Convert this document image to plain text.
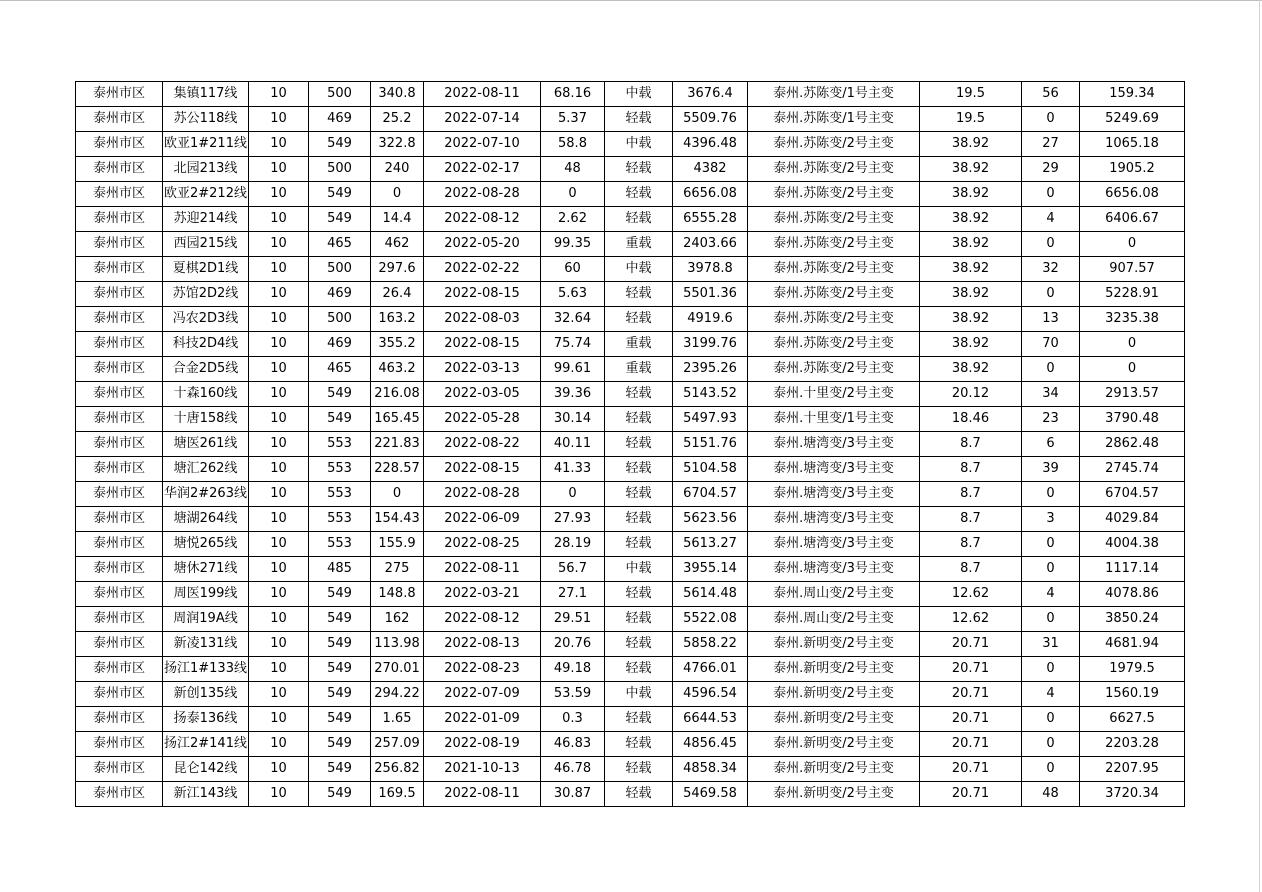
泰州市区	集镇117线	10	500	340.8	2022-08-11	68.16	中载	3676.4	泰州.苏陈变/1号主变	19.5	56	159.34
泰州市区	苏公118线	10	469	25.2	2022-07-14	5.37	轻载	5509.76	泰州.苏陈变/1号主变	19.5	0	5249.69
泰州市区	欧亚1#211线	10	549	322.8	2022-07-10	58.8	中载	4396.48	泰州.苏陈变/2号主变	38.92	27	1065.18
泰州市区	北园213线	10	500	240	2022-02-17	48	轻载	4382	泰州.苏陈变/2号主变	38.92	29	1905.2
泰州市区	欧亚2#212线	10	549	0	2022-08-28	0	轻载	6656.08	泰州.苏陈变/2号主变	38.92	0	6656.08
泰州市区	苏迎214线	10	549	14.4	2022-08-12	2.62	轻载	6555.28	泰州.苏陈变/2号主变	38.92	4	6406.67
泰州市区	西园215线	10	465	462	2022-05-20	99.35	重载	2403.66	泰州.苏陈变/2号主变	38.92	0	0
泰州市区	夏棋2D1线	10	500	297.6	2022-02-22	60	中载	3978.8	泰州.苏陈变/2号主变	38.92	32	907.57
泰州市区	苏馆2D2线	10	469	26.4	2022-08-15	5.63	轻载	5501.36	泰州.苏陈变/2号主变	38.92	0	5228.91
泰州市区	冯农2D3线	10	500	163.2	2022-08-03	32.64	轻载	4919.6	泰州.苏陈变/2号主变	38.92	13	3235.38
泰州市区	科技2D4线	10	469	355.2	2022-08-15	75.74	重载	3199.76	泰州.苏陈变/2号主变	38.92	70	0
泰州市区	合金2D5线	10	465	463.2	2022-03-13	99.61	重载	2395.26	泰州.苏陈变/2号主变	38.92	0	0
泰州市区	十森160线	10	549	216.08	2022-03-05	39.36	轻载	5143.52	泰州.十里变/2号主变	20.12	34	2913.57
泰州市区	十唐158线	10	549	165.45	2022-05-28	30.14	轻载	5497.93	泰州.十里变/1号主变	18.46	23	3790.48
泰州市区	塘医261线	10	553	221.83	2022-08-22	40.11	轻载	5151.76	泰州.塘湾变/3号主变	8.7	6	2862.48
泰州市区	塘汇262线	10	553	228.57	2022-08-15	41.33	轻载	5104.58	泰州.塘湾变/3号主变	8.7	39	2745.74
泰州市区	华润2#263线	10	553	0	2022-08-28	0	轻载	6704.57	泰州.塘湾变/3号主变	8.7	0	6704.57
泰州市区	塘湖264线	10	553	154.43	2022-06-09	27.93	轻载	5623.56	泰州.塘湾变/3号主变	8.7	3	4029.84
泰州市区	塘悦265线	10	553	155.9	2022-08-25	28.19	轻载	5613.27	泰州.塘湾变/3号主变	8.7	0	4004.38
泰州市区	塘休271线	10	485	275	2022-08-11	56.7	中载	3955.14	泰州.塘湾变/3号主变	8.7	0	1117.14
泰州市区	周医199线	10	549	148.8	2022-03-21	27.1	轻载	5614.48	泰州.周山变/2号主变	12.62	4	4078.86
泰州市区	周润19A线	10	549	162	2022-08-12	29.51	轻载	5522.08	泰州.周山变/2号主变	12.62	0	3850.24
泰州市区	新凌131线	10	549	113.98	2022-08-13	20.76	轻载	5858.22	泰州.新明变/2号主变	20.71	31	4681.94
泰州市区	扬江1#133线	10	549	270.01	2022-08-23	49.18	轻载	4766.01	泰州.新明变/2号主变	20.71	0	1979.5
泰州市区	新创135线	10	549	294.22	2022-07-09	53.59	中载	4596.54	泰州.新明变/2号主变	20.71	4	1560.19
泰州市区	扬泰136线	10	549	1.65	2022-01-09	0.3	轻载	6644.53	泰州.新明变/2号主变	20.71	0	6627.5
泰州市区	扬江2#141线	10	549	257.09	2022-08-19	46.83	轻载	4856.45	泰州.新明变/2号主变	20.71	0	2203.28
泰州市区	昆仑142线	10	549	256.82	2021-10-13	46.78	轻载	4858.34	泰州.新明变/2号主变	20.71	0	2207.95
泰州市区	新江143线	10	549	169.5	2022-08-11	30.87	轻载	5469.58	泰州.新明变/2号主变	20.71	48	3720.34
